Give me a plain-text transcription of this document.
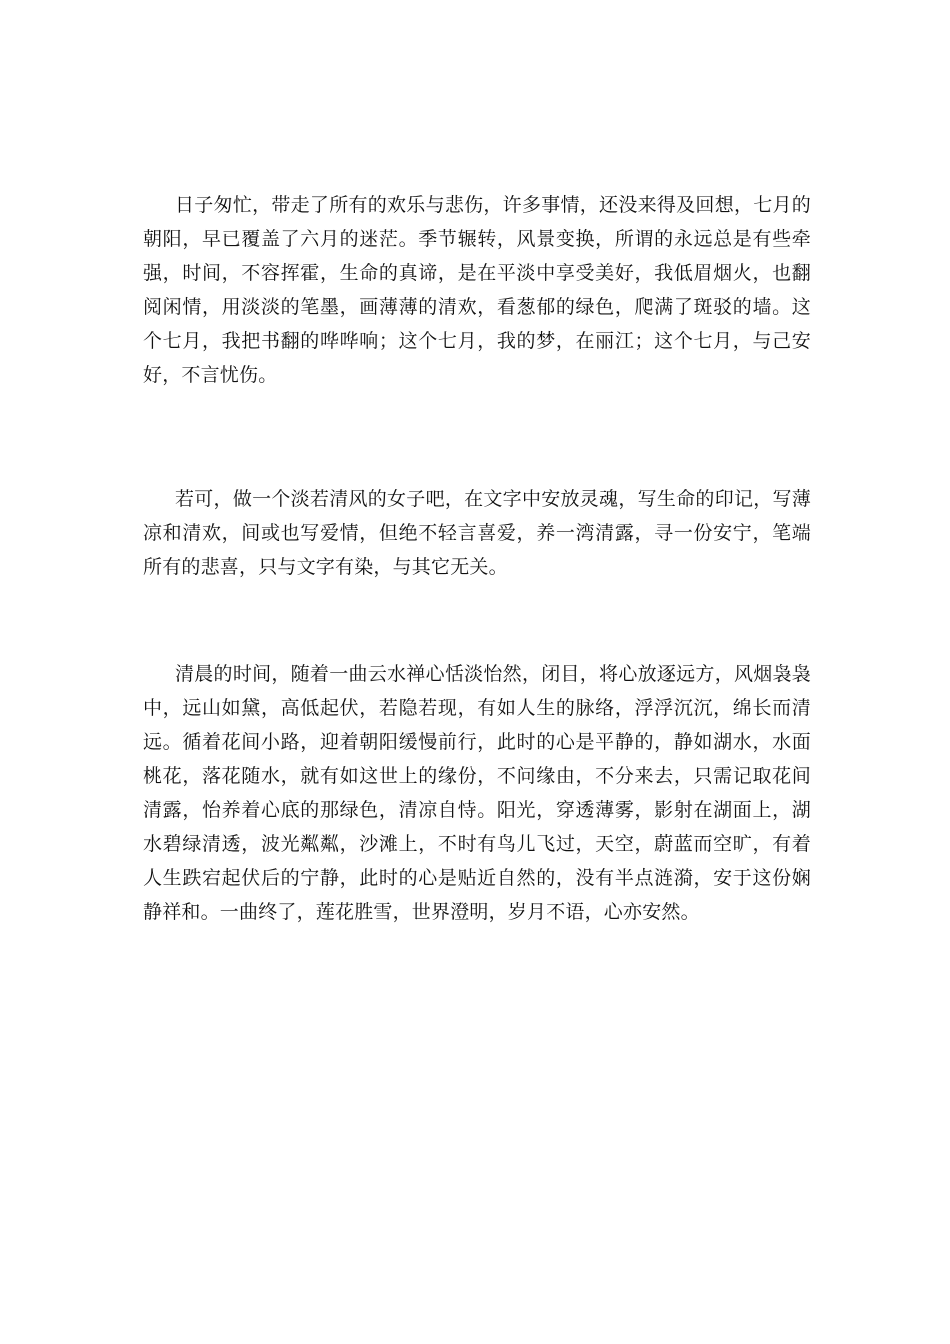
日子匆忙，带走了所有的欢乐与悲伤，许多事情，还没来得及回想，七月的朝阳，早已覆盖了六月的迷茫。季节辗转，风景变换，所谓的永远总是有些牵强，时间，不容挥霍，生命的真谛，是在平淡中享受美好，我低眉烟火，也翻阅闲情，用淡淡的笔墨，画薄薄的清欢，看葱郁的绿色，爬满了斑驳的墙。这个七月，我把书翻的哗哗响；这个七月，我的梦，在丽江；这个七月，与己安好，不言忧伤。

若可，做一个淡若清风的女子吧，在文字中安放灵魂，写生命的印记，写薄凉和清欢，间或也写爱情，但绝不轻言喜爱，养一湾清露，寻一份安宁，笔端所有的悲喜，只与文字有染，与其它无关。

清晨的时间，随着一曲云水禅心恬淡怡然，闭目，将心放逐远方，风烟袅袅中，远山如黛，高低起伏，若隐若现，有如人生的脉络，浮浮沉沉，绵长而清远。循着花间小路，迎着朝阳缓慢前行，此时的心是平静的，静如湖水，水面桃花，落花随水，就有如这世上的缘份，不问缘由，不分来去，只需记取花间清露，怡养着心底的那绿色，清凉自恃。阳光，穿透薄雾，影射在湖面上，湖水碧绿清透，波光粼粼，沙滩上，不时有鸟儿飞过，天空，蔚蓝而空旷，有着人生跌宕起伏后的宁静，此时的心是贴近自然的，没有半点涟漪，安于这份娴静祥和。一曲终了，莲花胜雪，世界澄明，岁月不语，心亦安然。
